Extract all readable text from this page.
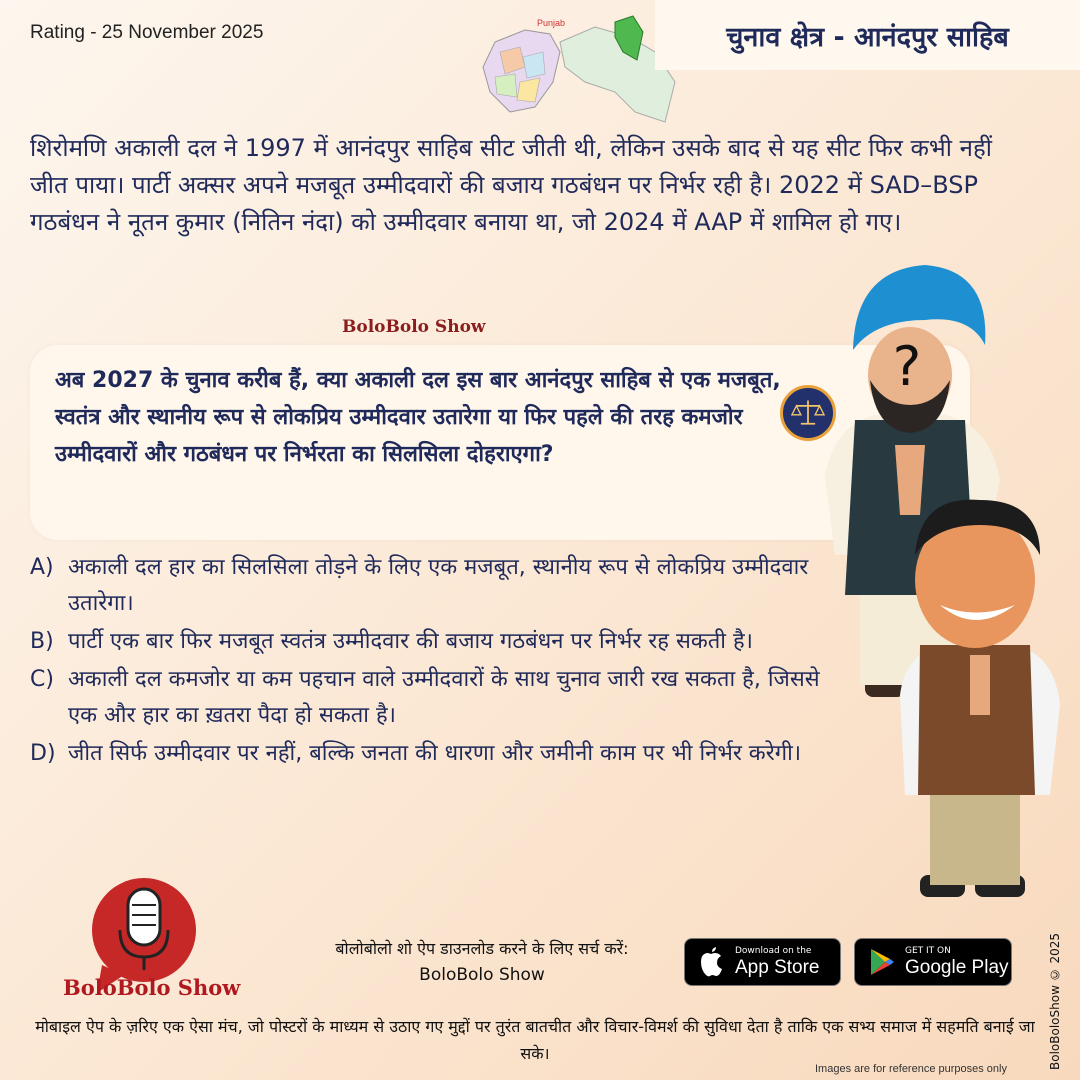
Rating - 25 November 2025	Punjab	चुनाव क्षेत्र - आनंदपुर साहिब
शिरोमणि अकाली दल ने 1997 में आनंदपुर साहिब सीट जीती थी, लेकिन उसके बाद से यह सीट फिर कभी नहीं जीत पाया। पार्टी अक्सर अपने मजबूत उम्मीदवारों की बजाय गठबंधन पर निर्भर रही है। 2022 में SAD–BSP गठबंधन ने नूतन कुमार (नितिन नंदा) को उम्मीदवार बनाया था, जो 2024 में AAP में शामिल हो गए।
BoloBolo Show
अब 2027 के चुनाव करीब हैं, क्या अकाली दल इस बार आनंदपुर साहिब से एक मजबूत, स्वतंत्र और स्थानीय रूप से लोकप्रिय उम्मीदवार उतारेगा या फिर पहले की तरह कमजोर उम्मीदवारों और गठबंधन पर निर्भरता का सिलसिला दोहराएगा?
A) अकाली दल हार का सिलसिला तोड़ने के लिए एक मजबूत, स्थानीय रूप से लोकप्रिय उम्मीदवार उतारेगा।
B) पार्टी एक बार फिर मजबूत स्वतंत्र उम्मीदवार की बजाय गठबंधन पर निर्भर रह सकती है।
C) अकाली दल कमजोर या कम पहचान वाले उम्मीदवारों के साथ चुनाव जारी रख सकता है, जिससे एक और हार का ख़तरा पैदा हो सकता है।
D) जीत सिर्फ उम्मीदवार पर नहीं, बल्कि जनता की धारणा और जमीनी काम पर भी निर्भर करेगी।
?
BoloBolo Show
बोलोबोलो शो ऐप डाउनलोड करने के लिए सर्च करें:
BoloBolo Show
Download on the
App Store
GET IT ON
Google Play
मोबाइल ऐप के ज़रिए एक ऐसा मंच, जो पोस्टरों के माध्यम से उठाए गए मुद्दों पर तुरंत बातचीत और विचार-विमर्श की सुविधा देता है ताकि एक सभ्य समाज में सहमति बनाई जा सके।	BoloBoloShow © 2025
Images are for reference purposes only
